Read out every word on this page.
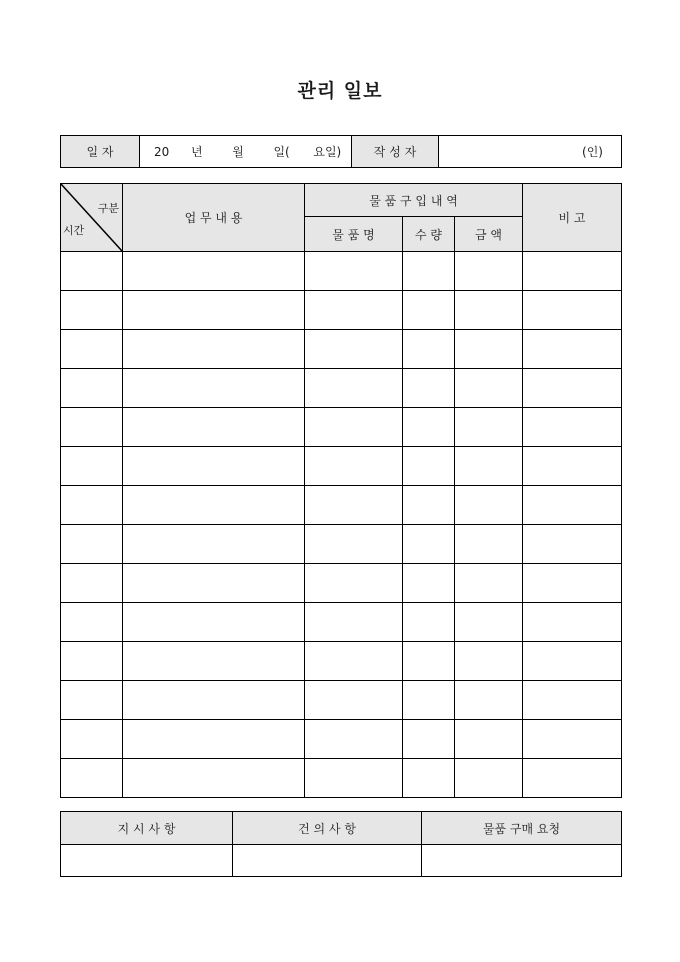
관리 일보
일 자	20 년 월 일( 요일)	작 성 자	(인)
구분
시간	업 무 내 용	물 품 구 입 내 역			비 고
		물 품 명	수 량	금 액	

지 시 사 항	건 의 사 항	물품 구매 요청
